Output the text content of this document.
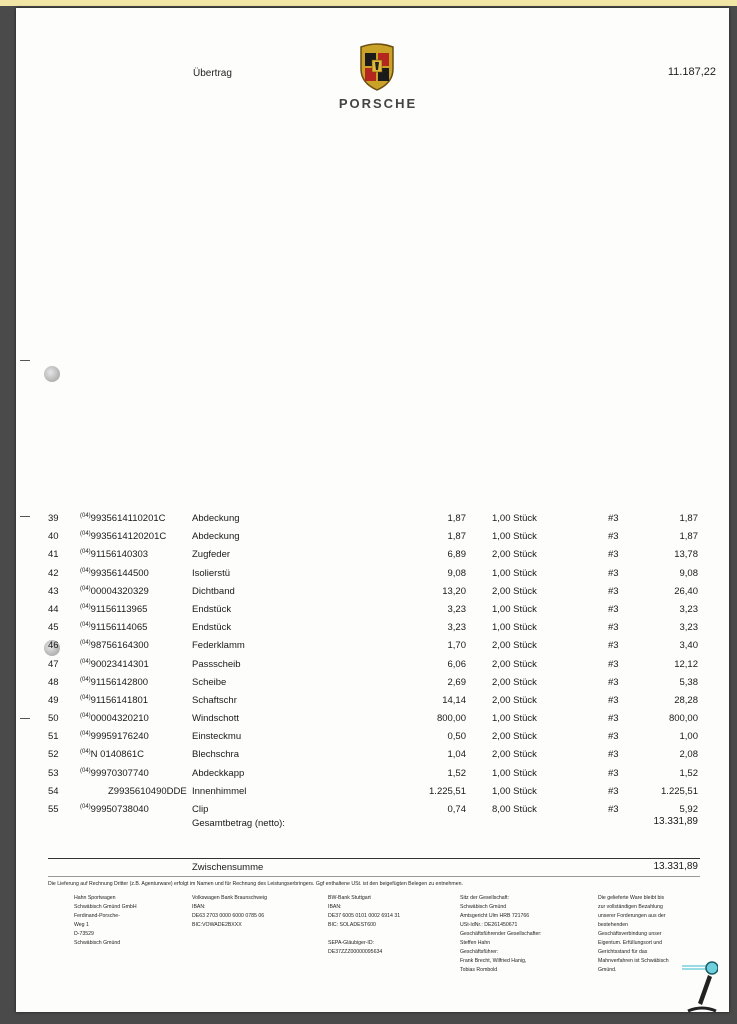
PORSCHE
Übertrag	11.187,22
39	$^{(04)}$9935614110201C	Abdeckung	1,87	1,00 Stück	#3	1,87
40	$^{(04)}$9935614120201C	Abdeckung	1,87	1,00 Stück	#3	1,87
41	$^{(04)}$91156140303	Zugfeder	6,89	2,00 Stück	#3	13,78
42	$^{(04)}$99356144500	Isolierstü	9,08	1,00 Stück	#3	9,08
43	$^{(04)}$00004320329	Dichtband	13,20	2,00 Stück	#3	26,40
44	$^{(04)}$91156113965	Endstück	3,23	1,00 Stück	#3	3,23
45	$^{(04)}$91156114065	Endstück	3,23	1,00 Stück	#3	3,23
46	$^{(04)}$98756164300	Federklamm	1,70	2,00 Stück	#3	3,40
47	$^{(04)}$90023414301	Passscheib	6,06	2,00 Stück	#3	12,12
48	$^{(04)}$91156142800	Scheibe	2,69	2,00 Stück	#3	5,38
49	$^{(04)}$91156141801	Schaftschr	14,14	2,00 Stück	#3	28,28
50	$^{(04)}$00004320210	Windschott	800,00	1,00 Stück	#3	800,00
51	$^{(04)}$99959176240	Einsteckmu	0,50	2,00 Stück	#3	1,00
52	$^{(04)}$N 0140861C	Blechschra	1,04	2,00 Stück	#3	2,08
53	$^{(04)}$99970307740	Abdeckkapp	1,52	1,00 Stück	#3	1,52
54	Z9935610490DDE Innenhimmel	1.225,51	1,00 Stück	#3	1.225,51
55	$^{(04)}$99950738040	Clip	0,74	8,00 Stück	#3	5,92
Gesamtbetrag (netto):	13.331,89
Zwischensumme	13.331,89
Die Lieferung auf Rechnung Dritter (z.B. Agenturware) erfolgt im Namen und für Rechnung des Leistungserbringers. Ggf enthaltene USt. ist den beigefügten Belegen zu entnehmen.
Hahn Sportwagen
Schwäbisch Gmünd GmbH
Ferdinand-Porsche-
Weg 1
D-73529
Schwäbisch Gmünd
Volkswagen Bank Braunschweig
IBAN:
DE63 2703 0000 6000 0785 06
BIC:VOWADE2BXXX
BW-Bank Stuttgart
IBAN:
DE37 6005 0101 0002 6914 31
BIC: SOLADEST600

SEPA-Gläubiger-ID:
DE37ZZZ00000095634
Sitz der Gesellschaft:
Schwäbisch Gmünd
Amtsgericht Ulm HRB 721766
USt-IdNr.: DE261450671
Geschäftsführender Gesellschafter:
Steffen Hahn
Geschäftsführer:
Frank Brecht, Wilfried Hanig,
Tobias Rombold
Die gelieferte Ware bleibt bis
zur vollständigen Bezahlung
unserer Forderungen aus der
bestehenden
Geschäftsverbindung unser
Eigentum. Erfüllungsort und
Gerichtsstand für das
Mahnverfahren ist Schwäbisch
Gmünd.
